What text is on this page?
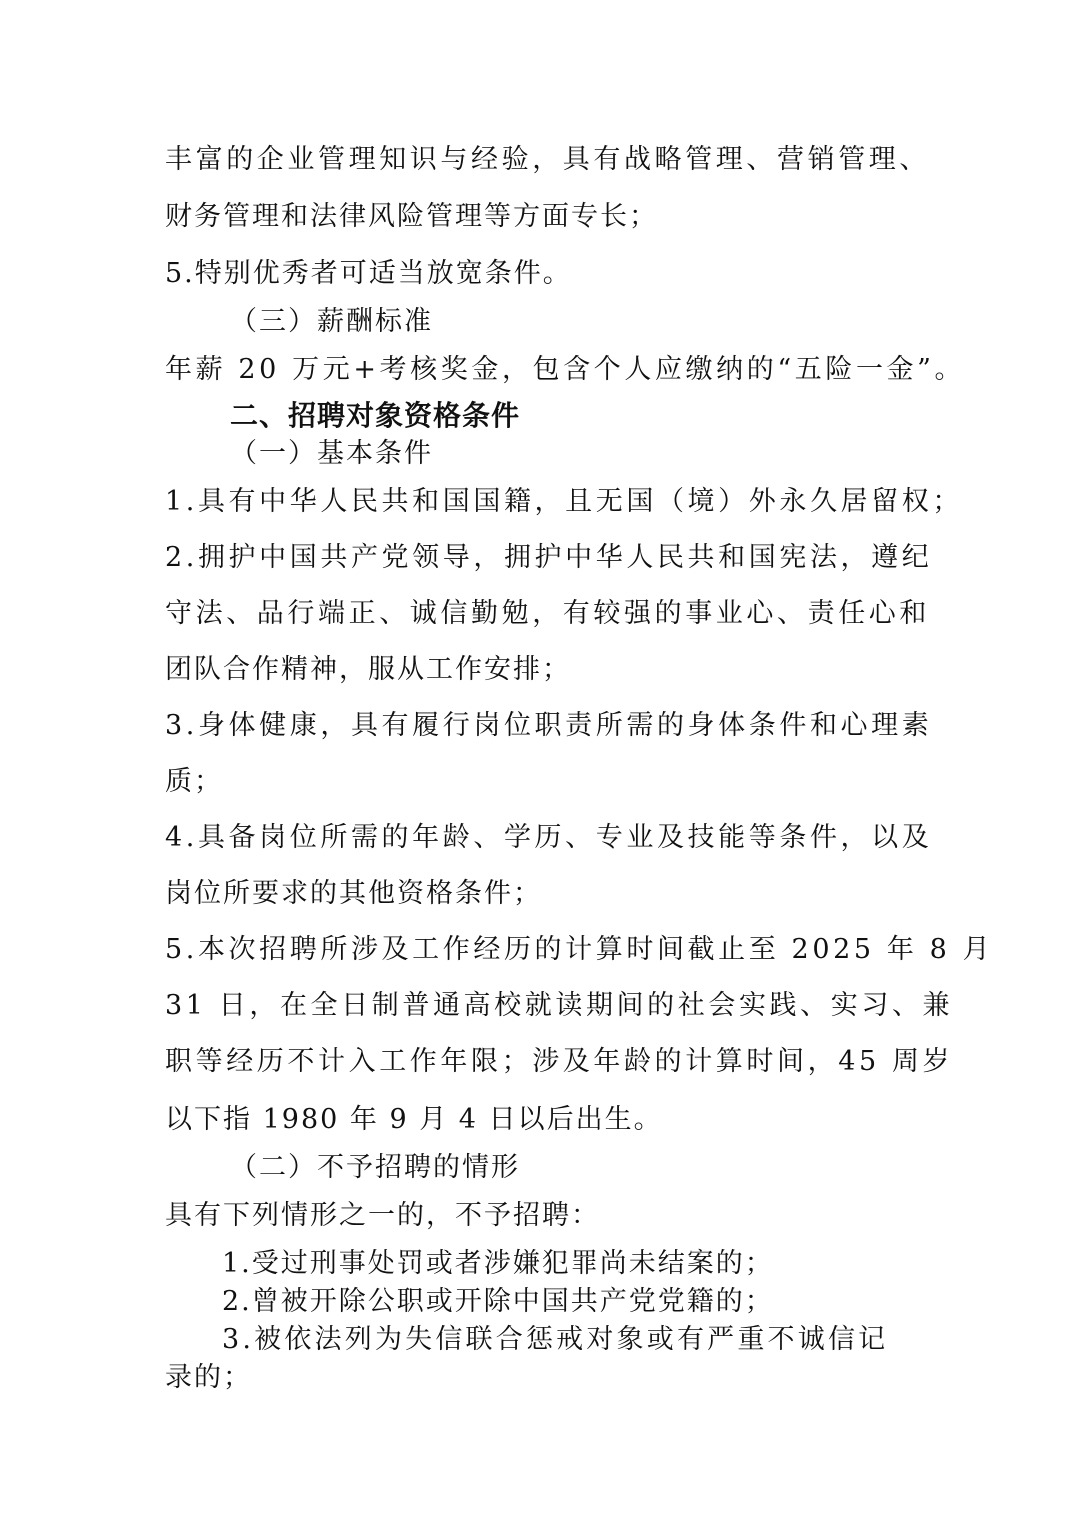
丰富的企业管理知识与经验，具有战略管理、营销管理、
财务管理和法律风险管理等方面专长；
5.特别优秀者可适当放宽条件。
（三）薪酬标准
年薪 20 万元+考核奖金，包含个人应缴纳的“五险一金”。
二、招聘对象资格条件
（一）基本条件
1.具有中华人民共和国国籍，且无国（境）外永久居留权；
2.拥护中国共产党领导，拥护中华人民共和国宪法，遵纪
守法、品行端正、诚信勤勉，有较强的事业心、责任心和
团队合作精神，服从工作安排；
3.身体健康，具有履行岗位职责所需的身体条件和心理素
质；
4.具备岗位所需的年龄、学历、专业及技能等条件，以及
岗位所要求的其他资格条件；
5.本次招聘所涉及工作经历的计算时间截止至 2025 年 8 月
31 日，在全日制普通高校就读期间的社会实践、实习、兼
职等经历不计入工作年限；涉及年龄的计算时间，45 周岁
以下指 1980 年 9 月 4 日以后出生。
（二）不予招聘的情形
具有下列情形之一的，不予招聘：
1.受过刑事处罚或者涉嫌犯罪尚未结案的；
2.曾被开除公职或开除中国共产党党籍的；
3.被依法列为失信联合惩戒对象或有严重不诚信记
录的；
